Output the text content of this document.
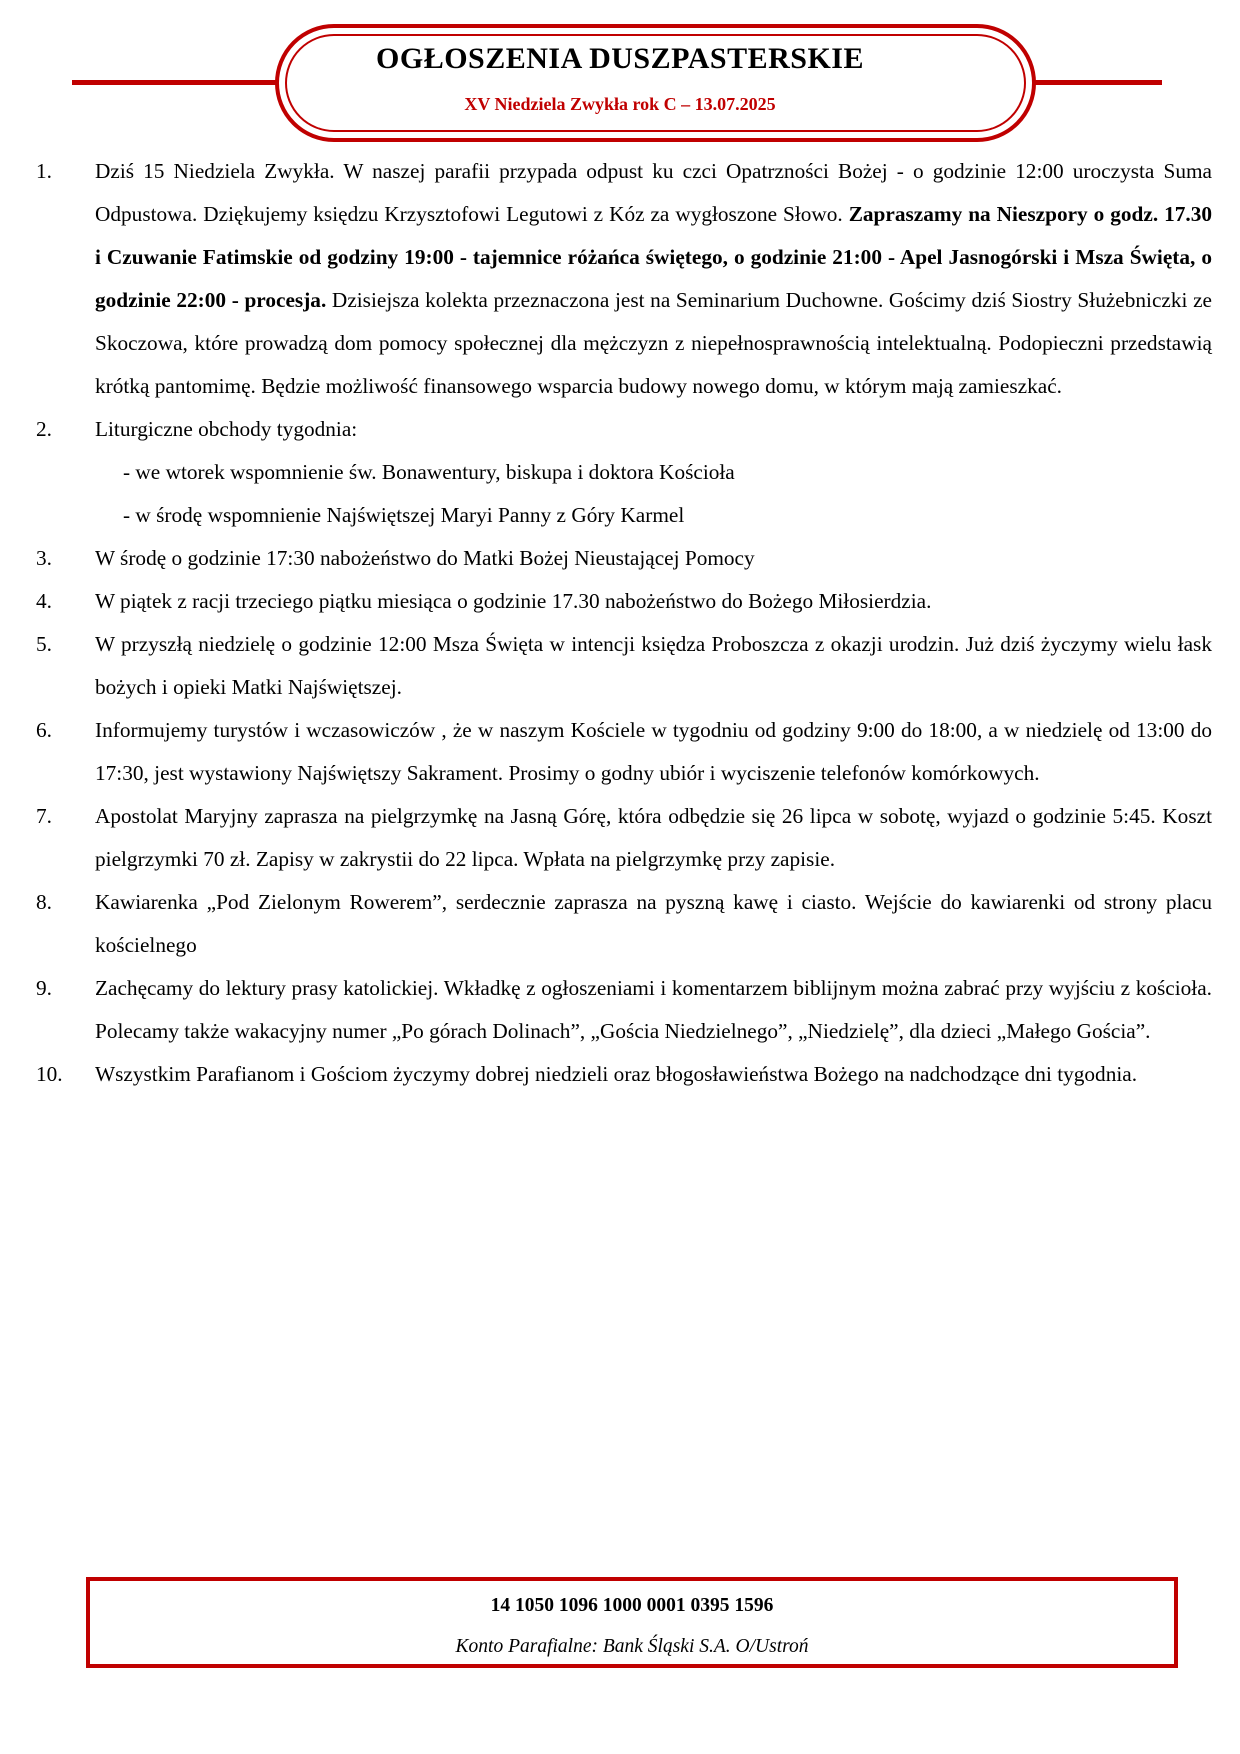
OGŁOSZENIA DUSZPASTERSKIE
XV Niedziela Zwykła rok C – 13.07.2025
1.	Dziś 15 Niedziela Zwykła. W naszej parafii przypada odpust ku czci Opatrzności Bożej - o godzinie 12:00 uroczysta Suma Odpustowa. Dziękujemy księdzu Krzysztofowi Legutowi z Kóz za wygłoszone Słowo. Zapraszamy na Nieszpory o godz. 17.30 i Czuwanie Fatimskie od godziny 19:00 - tajemnice różańca świętego, o godzinie 21:00 - Apel Jasnogórski i Msza Święta, o godzinie 22:00 - procesja. Dzisiejsza kolekta przeznaczona jest na Seminarium Duchowne. Gościmy dziś Siostry Służebniczki ze Skoczowa, które prowadzą dom pomocy społecznej dla mężczyzn z niepełnosprawnością intelektualną. Podopieczni przedstawią krótką pantomimę. Będzie możliwość finansowego wsparcia budowy nowego domu, w którym mają zamieszkać.
2.	Liturgiczne obchody tygodnia:
- we wtorek wspomnienie św. Bonawentury, biskupa i doktora Kościoła
- w środę wspomnienie Najświętszej Maryi Panny z Góry Karmel
3.	W środę o godzinie 17:30 nabożeństwo do Matki Bożej Nieustającej Pomocy
4.	W piątek z racji trzeciego piątku miesiąca o godzinie 17.30 nabożeństwo do Bożego Miłosierdzia.
5.	W przyszłą niedzielę o godzinie 12:00 Msza Święta w intencji księdza Proboszcza z okazji urodzin. Już dziś życzymy wielu łask bożych i opieki Matki Najświętszej.
6.	Informujemy turystów i wczasowiczów , że w naszym Kościele w tygodniu od godziny 9:00 do 18:00, a w niedzielę od 13:00 do 17:30, jest wystawiony Najświętszy Sakrament. Prosimy o godny ubiór i wyciszenie telefonów komórkowych.
7.	Apostolat Maryjny zaprasza na pielgrzymkę na Jasną Górę, która odbędzie się 26 lipca w sobotę, wyjazd o godzinie 5:45. Koszt pielgrzymki 70 zł. Zapisy w zakrystii do 22 lipca. Wpłata na pielgrzymkę przy zapisie.
8.	Kawiarenka „Pod Zielonym Rowerem”, serdecznie zaprasza na pyszną kawę i ciasto. Wejście do kawiarenki od strony placu kościelnego
9.	Zachęcamy do lektury prasy katolickiej. Wkładkę z ogłoszeniami i komentarzem biblijnym można zabrać przy wyjściu z kościoła. Polecamy także wakacyjny numer „Po górach Dolinach”, „Gościa Niedzielnego”, „Niedzielę”, dla dzieci „Małego Gościa”.
10.	Wszystkim Parafianom i Gościom życzymy dobrej niedzieli oraz błogosławieństwa Bożego na nadchodzące dni tygodnia.
14 1050 1096 1000 0001 0395 1596
Konto Parafialne: Bank Śląski S.A. O/Ustroń
